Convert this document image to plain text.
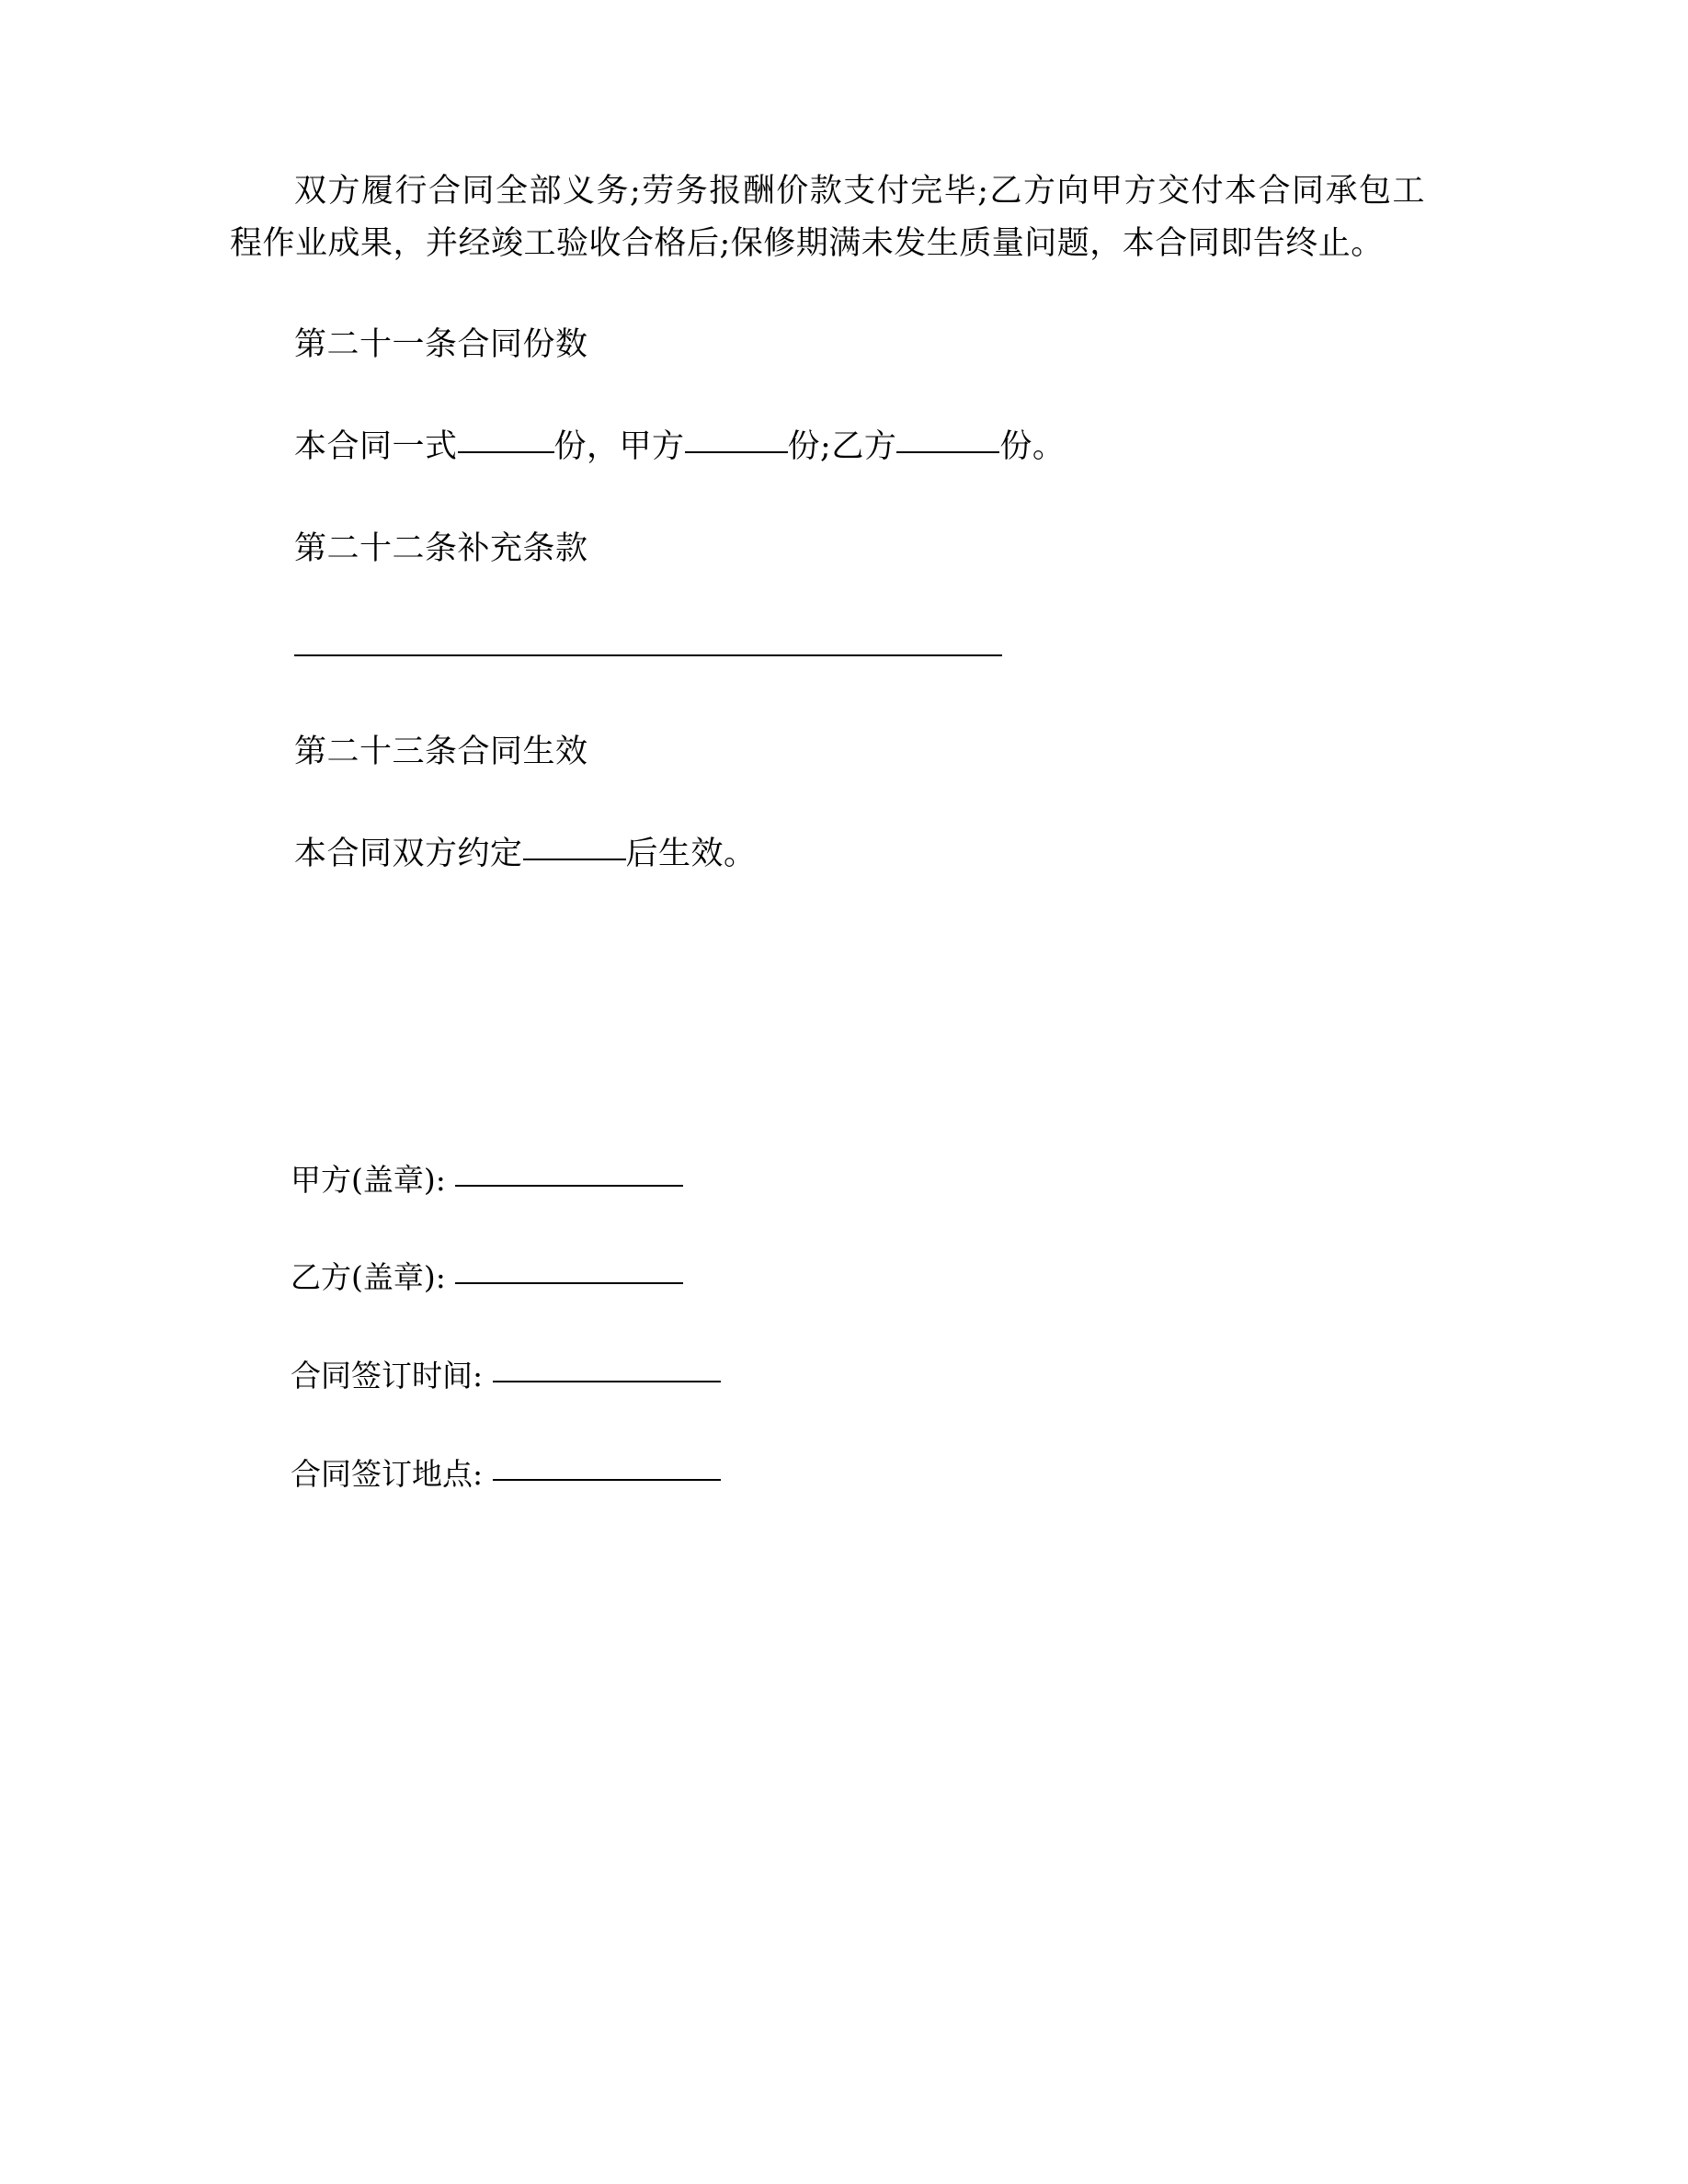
双方履行合同全部义务;劳务报酬价款支付完毕;乙方向甲方交付本合同承包工程作业成果，并经竣工验收合格后;保修期满未发生质量问题，本合同即告终止。

第二十一条合同份数

本合同一式	份，甲方	份;乙方	份。

第二十二条补充条款

第二十三条合同生效

本合同双方约定	后生效。

甲方(盖章):
乙方(盖章):
合同签订时间:
合同签订地点:
